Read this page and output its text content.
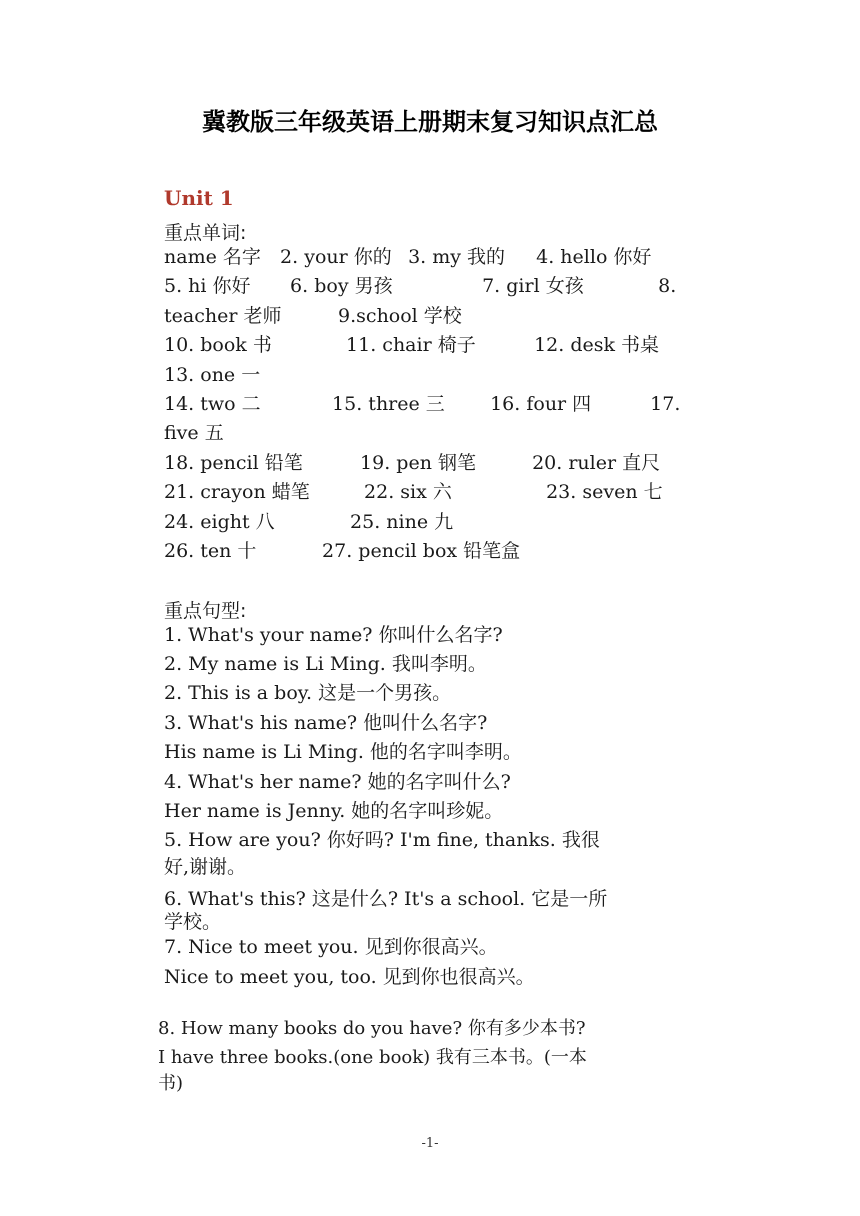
冀教版三年级英语上册期末复习知识点汇总
Unit 1
重点单词:
name 名字 2. your 你的 3. my 我的 4. hello 你好
5. hi 你好 6. boy 男孩	7. girl 女孩	8.
teacher 老师	9.school 学校
10. book 书	11. chair 椅子	12. desk 书桌
13. one 一
14. two 二	15. three 三 16. four 四	17.
five 五
18. pencil 铅笔	19. pen 钢笔	20. ruler 直尺
21. crayon 蜡笔	22. six 六	23. seven 七
24. eight 八	25. nine 九
26. ten 十	27. pencil box 铅笔盒
重点句型:
1. What's your name? 你叫什么名字?
2. My name is Li Ming. 我叫李明。
2. This is a boy. 这是一个男孩。
3. What's his name? 他叫什么名字?
His name is Li Ming. 他的名字叫李明。
4. What's her name? 她的名字叫什么?
Her name is Jenny. 她的名字叫珍妮。
5. How are you? 你好吗? I'm fine, thanks. 我很
好,谢谢。
6. What's this? 这是什么? It's a school. 它是一所
学校。
7. Nice to meet you. 见到你很高兴。
Nice to meet you, too. 见到你也很高兴。
8. How many books do you have? 你有多少本书?
I have three books.(one book) 我有三本书。(一本
书)
-1-
